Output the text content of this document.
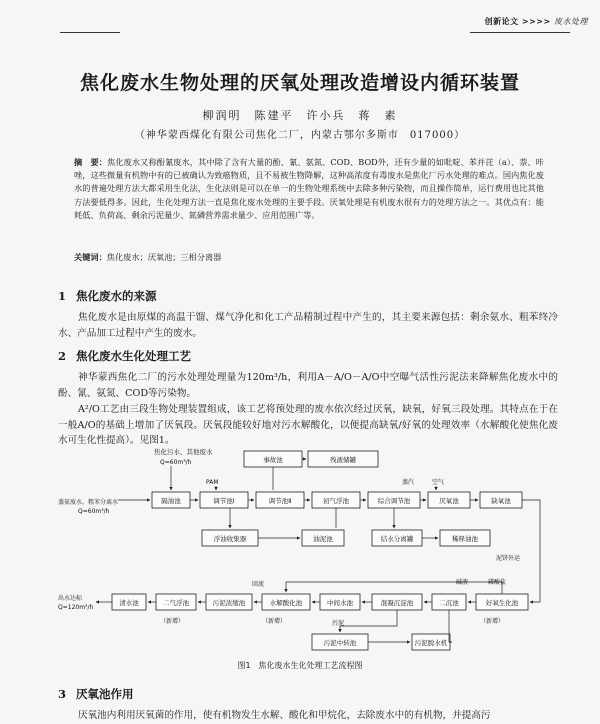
创新论文 >>>> 废水处理
焦化废水生物处理的厌氧处理改造增设内循环装置
柳润明　陈建平　许小兵　蒋　素
（神华蒙西煤化有限公司焦化二厂，内蒙古鄂尔多斯市　017000）
摘　要：焦化废水又称酚氰废水，其中除了含有大量的酚、氰、氨氮、COD、BOD外，还有少量的如吡啶、苯并芘（a）、萘、咔唑，这些微量有机物中有的已被确认为致癌物质，且不易被生物降解，这种高浓度有毒废水是焦化厂污水处理的难点。国内焦化废水的普遍处理方法大都采用生化法，生化法则是可以在单一的生物处理系统中去除多种污染物，而且操作简单，运行费用也比其他方法要低得多。因此，生化处理方法一直是焦化废水处理的主要手段。厌氧处理是有机废水很有力的处理方法之一。其优点有：能耗低、负荷高、剩余污泥量少、氮磷营养需求量少、应用范围广等。
关键词：焦化废水；厌氧池；三相分离器
1 焦化废水的来源

焦化废水是由原煤的高温干馏、煤气净化和化工产品精制过程中产生的，其主要来源包括：剩余氨水、粗苯终冷水、产品加工过程中产生的废水。

2 焦化废水生化处理工艺

神华蒙西焦化二厂的污水处理处理量为120m³/h，利用A－A/O－A/O中空曝气活性污泥法来降解焦化废水中的酚、氰、氨氮、COD等污染物。

A²/O工艺由三段生物处理装置组成，该工艺将预处理的废水依次经过厌氧，缺氧，好氧三段处理。其特点在于在一般A/O的基础上增加了厌氧段。厌氧段能较好地对污水解酸化，以便提高缺氧/好氧的处理效率（水解酸化使焦化废水可生化性提高）。见图1。

焦化污水、其他废水
Q=60m³/h
蒸氨废水、粗苯分离水
Q=60m³/h
事故池	残液储罐
隔油池	调节池Ⅰ	调节池Ⅱ	初气浮池	综合调节池	厌氧池	缺氧池
浮油收集器	油泥池	结水分离罐	稀释油池
清水池	二气浮池	污泥浓缩池	水解酸化池	中间水池	混凝沉淀池	二沉池	好氧生化池
污泥中转池	污泥脱水机
出水达标
Q=120m³/h
PAM	空气
蒸汽
污泥
回流
（新增）	（新增）	（新增）
泥饼外运
磷酸盐
碱液
图1　焦化废水生化处理工艺流程图
3 厌氧池作用

厌氧池内利用厌氧菌的作用，使有机物发生水解、酸化和甲烷化，去除废水中的有机物，并提高污
